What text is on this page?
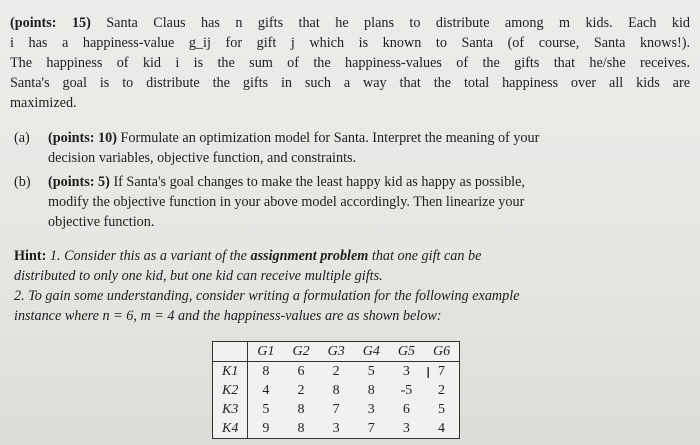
(points: 15) Santa Claus has n gifts that he plans to distribute among m kids. Each kid
i has a happiness-value g_ij for gift j which is known to Santa (of course, Santa knows!).
The happiness of kid i is the sum of the happiness-values of the gifts that he/she receives.
Santa's goal is to distribute the gifts in such a way that the total happiness over all kids are
maximized.
(a) (points: 10) Formulate an optimization model for Santa. Interpret the meaning of your
decision variables, objective function, and constraints.
(b) (points: 5) If Santa's goal changes to make the least happy kid as happy as possible,
modify the objective function in your above model accordingly. Then linearize your
objective function.
Hint: 1. Consider this as a variant of the assignment problem that one gift can be
distributed to only one kid, but one kid can receive multiple gifts.
2. To gain some understanding, consider writing a formulation for the following example
instance where n = 6, m = 4 and the happiness-values are as shown below:
	G1	G2	G3	G4	G5	G6
K1	8	6	2	5	3	7
K2	4	2	8	8	-5	2
K3	5	8	7	3	6	5
K4	9	8	3	7	3	4
I
